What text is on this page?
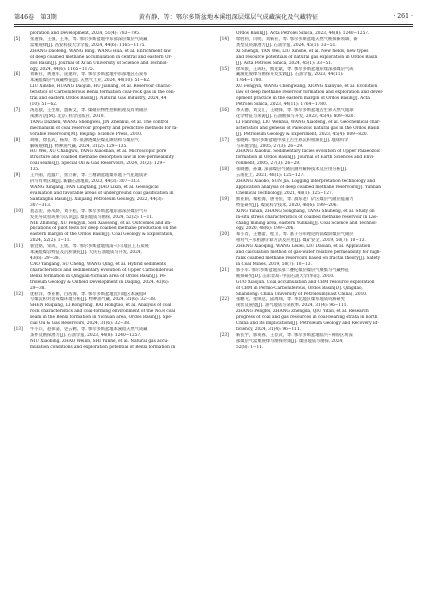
第46卷　第3期	黄有静，等：鄂尔多斯盆地本溪组深层煤层气成藏演化及气藏特征	· 261 ·
ploration and Development, 2024, 51(4): 783−795.
[5]	张道锋，王强，王华，等. 鄂尔多斯盆地中东部深层煤层气成藏
富集规律[J]. 西安科技大学学报, 2024, 44(6): 1165−1175.
ZHANG Daofeng, WANG Bing, WANG Hua, et al. Enrichment law
of deep coalbed methane accumulation in central and eastern Or-
dos Basin[J]. Journal of Xi'an University of Science and Technol-
ogy, 2024, 44(6): 1165−1175.
[6]	刘新社，黄道军，虎建玲，等. 鄂尔多斯盆地中东部地区石炭系
本溪组煤层气成藏特征[J]. 天然气工业, 2024, 44(10): 51−62.
LIU Xinshe, HUANG Daojun, HU Jianling, et al. Reservoir charac-
teristics of Carboniferous Benxi formation coal-rock gas in the cen-
tral and eastern Ordos Basin[J]. Natural Gas Industry, 2024, 44
(10): 51−62.
[7]	汤达祯，王生维，盛新文，等. 煤储层物性控制机理及有利储层
预测方法[M]. 北京: 科学出版社, 2010.
TANG Dazhen, WANG Shengwei, JIN Zhenkui, et al. The control
mechanism of coal reservoir property and predictive methods for fa-
vorable reservoirs[M]. Beijing: Science Press, 2010.
[8]	胡维，徐长武，杨寿，等. 低渗透煤层煤孔隙结构与煤层气
解吸规律[J]. 特种油气藏, 2024, 31(2): 129−135.
HU Wei, XU Changwu, YANG Xiaoshan, et al. Microscopic pore
structure and coalbed methane desorption law in low-permeability
coal seams[J]. Special Oil & Gas Reservoirs, 2024, 31(2): 129−
135.
[9]	王兴刚，范露广，焦立新，等. 三塘湖盆地煤系地下气化地质评
价与有利区域[J]. 新疆石油地质, 2023, 44(3): 307−313.
WANG Xingang, FAN Lingtang, JIAO Lixin, et al. Geological
evaluation and favorable areas of underground coal gasification in
Santanghu Basin[J]. Xinjiang Petroleum Geology, 2022, 44(3):
307−313.
[10]	聂志宏，孙凤龄，刘小松，等. 鄂尔多斯盆地东部深层煤层气开
发先导试验成果与认识[J]. 煤田地质与勘探, 2024, 52(2): 1−11.
NIE Zhihong, XU Fengyin, SHI Xiaosong, et al. Outcomes and im-
plications of pilot tests for deep coalbed methane production on the
eastern margin of the Ordos Basin[J]. Coal Geology & Exploration,
2024, 52(2): 1−11.
[11]	曹宜铭，宋成，王欣，等. 鄂尔多斯盆地钱清-可可地区上石炭统
本溪组煤岩特征及沉积演化[J]. 大庆石油地质与开发, 2024,
43(6): 29−38.
CAO Yangang, SU Cheng, WANG Qing, et al. Hybrid sediments
characteristics and sedimentary evolution of Upper Carboniferous
Benxi formation in Qingjian-Yichuan area of Ordos Basin[J]. Pe-
troleum Geology & Oilfield Development in Daqing, 2024, 43(6):
29−38.
[12]	优粒洋，李亚彬，白西海，等. 鄂尔多斯盆地宜川地区本溪组8
号煤沉积对话成煤环境分析[J]. 特种油气藏, 2024, 31(6): 32−38.
SHEN Ruqiang, LI Rongrong, BAI Hongtao, et al. Analysis of coal
rock characteristics and coal-forming environment of the No.8 coal
seam in the Benxi formation in Yichuan area, Ordos Basin[J]. Spe-
cial Oil & Gas Reservoirs, 2024, 31(6): 32−38.
[13]	牛小兵，赵伟清，史云鹤，等. 鄂尔多斯盆地本溪组天然气成藏
条件及勘探潜力[J]. 石油学报, 2023, 44(8): 1240−1257.
NIU Xiaobing, ZHAO Weilin, SHI Yunhe, et al. Natural gas accu-
mulation conditions and exploration potential of Benxi formation in
Ordos Basin[J]. Acta Petrolei Sinica, 2023, 44(8): 1240−1257.
[14]	席胜利，闫明，刘新社，等. 鄂尔多斯盆地天然气勘探新领域、新
类型及资源潜力[J]. 石油学报, 2024, 45(1): 33−51.
XI Shengli, YAN Wei, LIU Xinshe, et al. New fields, new types
and resource potentials of natural gas exploration in Ordos Basin
[J]. Acta Petrolei Sinica, 2024, 45(1): 33−51.
[15]	徐凤银，王成旺，熊先斌，等. 鄂尔多斯盆地东缘深部煤层气成
藏演化规律与勘探开发实践[J]. 石油学报, 2023, 44(11):
1764−1780.
XU Fengyin, WANG Chengwang, XIONG Xianyue, et al. Evolution
law of deep methane reservoir formation and exploration and devel-
opment practice in the eastern margin of Ordos Basin[J]. Acta
Petrolei Sinica, 2023, 44(11): 1764−1780.
[16]	李天德，刘文汇，王晓锋，等. 鄂尔多斯盆地古生界天然气地球
化学特征与来源[J]. 石油勘探与开发, 2023, 45(4): 809−820.
LI Fanrong, LIU Wenhui, WANG Xiaofeng, et al. Geochemical char-
acteristics and genesis of Paleozoic natural gas in the Ordos Basin
[J]. Petroleum Geology & Experiment, 2023, 45(4): 809−820.
[17]	张晓辉. 鄂尔多斯盆地中部上古生界沉积相演化[J]. 地球科学
与环境学报, 2005, 27(3): 26−29.
ZHANG Xiaohui. Sedimentary facies evolution of Upper Palaeozoic
formation in Ordos Basin[J]. Journal of Earth Sciences and Envi-
ronment, 2005, 27(3): 26−29.
[18]	张晓德，孙谦. 深部煤层气储层测井解释技术及应用分析[J].
云南化工, 2021, 48(1): 125−127.
ZHANG Xiaobo, SUN Jia. Logging interpretation technology and
application analysis of deep coalbed methane reservoirs[J]. Yunnan
Chemical Technology, 2021, 48(1): 125−127.
[19]	熊亚娟，秦松海，唐书恒，等. 滇东老厂矿区煤层气储层能量力
特征研究[J]. 煤炭科学技术, 2020, 48(6): 199−206.
XING Yanan, ZHANG Songhang, TANG Shuheng, et al. Study on
in-situ stress characteristics of coalbed methane reservoir in Lao-
chang mining area, eastern Yunnan[J]. Coal Science and Technol-
ogy, 2020, 48(6): 199−206.
[20]	郑小青，王德蕾，程卫，等. 基于分形理论的高煤阶煤层气储层
相对气−水相渗计算方法及应用[J]. 煤矿安全, 2019, 50(7): 10−13.
ZHENG Xiaoqing, WANG Leilei, LIU Daoian, et al. Application
and calculation method of gas-water relative permeability for high-
rank coalbed methane reservoirs based on fractal theory[J]. Safety
in Coal Mines, 2019, 50(7): 10−13.
[21]	郭小军. 鄂尔多斯盆地东部二叠纪煤层煤层气聚集与气藏特征
勘探研究[D]. 山东青岛: 中国石油大学(华东), 2010.
GUO Xiaojun. Coal accumulation and CBM resource exploration
of CBM in Permo-Carboniferous, Ordos Basin[D]. Qingdao,
Shandong: China University of Petroleum(East China), 2010.
[22]	张鹏飞，张师达，邱海翔，等. 华北地区煤系地质资源研究
现状及展望[J]. 油气地质与采收率, 2024, 31(4): 96−111.
ZHANG Pengfei, ZHANG Zhengda, QIU Yifan, et al. Research
progress of coal and gas resources in coal-bearing strata in north
China and its implications[J]. Petroleum Geology and Recovery Ef-
ficiency, 2024, 31(4): 96−111.
[23]	新长宇，郭英春，王存武，等. 鄂尔多斯盆地临兴−神府区块深
部煤层气富集规律与勘探对策[J]. 煤田地质与勘探, 2024,
52(8): 1−11.
